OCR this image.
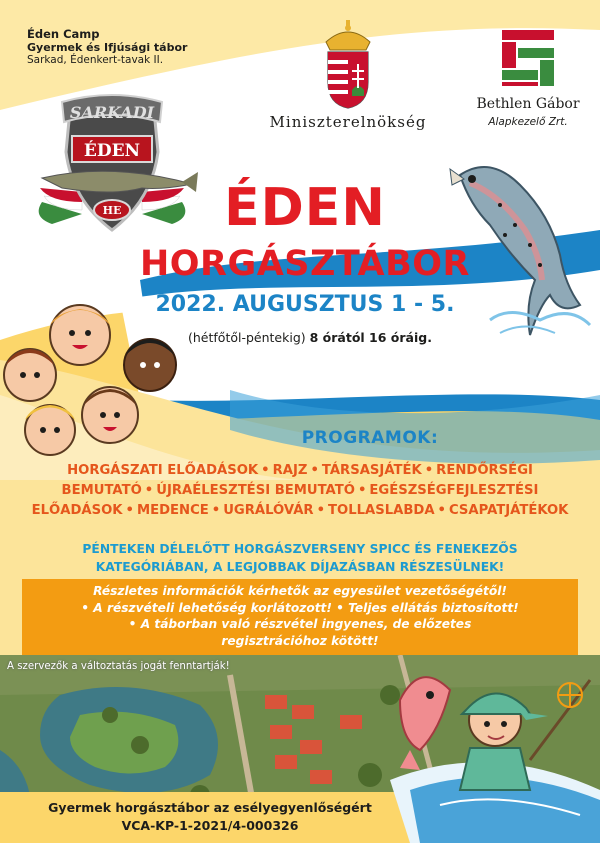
Éden Camp
Gyermek és Ifjúsági tábor
Sarkad, Édenkert-tavak II.
Miniszterelnökség
Bethlen Gábor
Alapkezelő Zrt.
SARKADI
ÉDEN
HE	ÉDEN
HORGÁSZTÁBOR
2022. AUGUSZTUS 1 - 5.
(hétfőtől-péntekig) 8 órától 16 óráig.
PROGRAMOK:
HORGÁSZATI ELŐADÁSOK • RAJZ • TÁRSASJÁTÉK • RENDŐRSÉGI BEMUTATÓ • ÚJRAÉLESZTÉSI BEMUTATÓ • EGÉSZSÉGFEJLESZTÉSI ELŐADÁSOK • MEDENCE • UGRÁLÓVÁR • TOLLASLABDA • CSAPATJÁTÉKOK
PÉNTEKEN DÉLELŐTT HORGÁSZVERSENY SPICC ÉS FENEKEZŐS
KATEGÓRIÁBAN, A LEGJOBBAK DÍJAZÁSBAN RÉSZESÜLNEK!
Részletes információk kérhetők az egyesület vezetőségétől!
• A részvételi lehetőség korlátozott! • Teljes ellátás biztosított!
• A táborban való részvétel ingyenes, de előzetes
regisztrációhoz kötött!
A szervezők a változtatás jogát fenntartják!
Gyermek horgásztábor az esélyegyenlőségért
VCA-KP-1-2021/4-000326
